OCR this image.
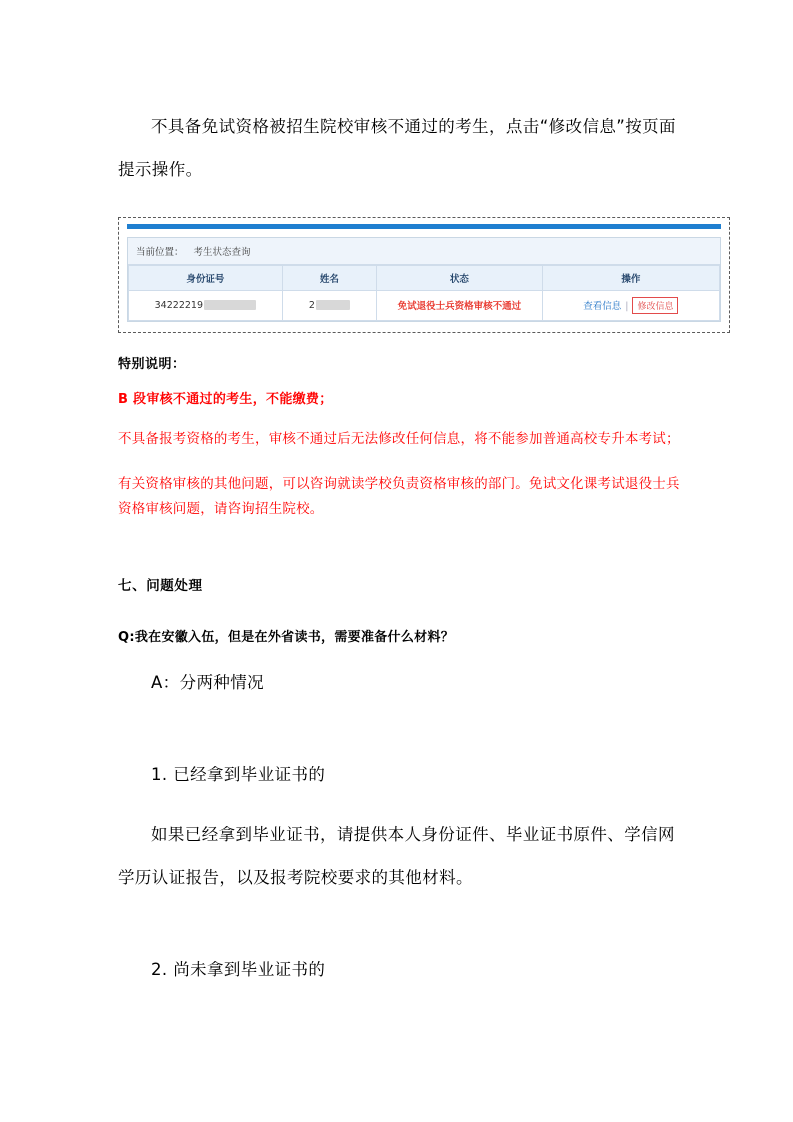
不具备免试资格被招生院校审核不通过的考生，点击“修改信息”按页面提示操作。

当前位置： 考生状态查询
身份证号	姓名	状态	操作
34222219	2	免试退役士兵资格审核不通过	查看信息 | 修改信息

特别说明：

B 段审核不通过的考生，不能缴费；

不具备报考资格的考生，审核不通过后无法修改任何信息，将不能参加普通高校专升本考试；

有关资格审核的其他问题，可以咨询就读学校负责资格审核的部门。免试文化课考试退役士兵资格审核问题，请咨询招生院校。

七、问题处理

Q:我在安徽入伍，但是在外省读书，需要准备什么材料？

A：分两种情况

1. 已经拿到毕业证书的

如果已经拿到毕业证书，请提供本人身份证件、毕业证书原件、学信网学历认证报告，以及报考院校要求的其他材料。

2. 尚未拿到毕业证书的
